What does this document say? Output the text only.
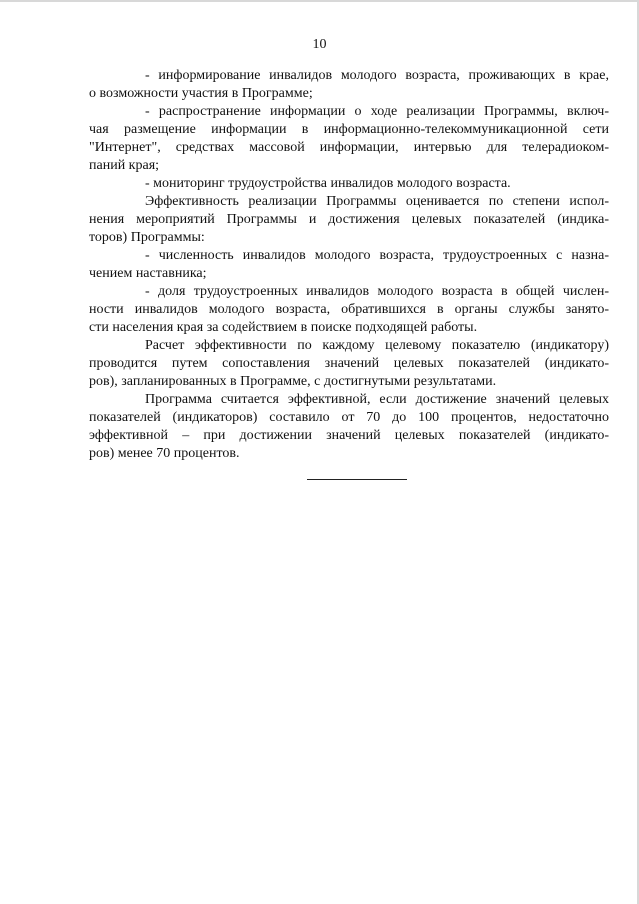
10
- информирование инвалидов молодого возраста, проживающих в крае,
о возможности участия в Программе;
- распространение информации о ходе реализации Программы, включ-
чая размещение информации в информационно-телекоммуникационной сети
"Интернет", средствах массовой информации, интервью для телерадиоком-
паний края;
- мониторинг трудоустройства инвалидов молодого возраста.
Эффективность реализации Программы оценивается по степени испол-
нения мероприятий Программы и достижения целевых показателей (индика-
торов) Программы:
- численность инвалидов молодого возраста, трудоустроенных с назна-
чением наставника;
- доля трудоустроенных инвалидов молодого возраста в общей числен-
ности инвалидов молодого возраста, обратившихся в органы службы занято-
сти населения края за содействием в поиске подходящей работы.
Расчет эффективности по каждому целевому показателю (индикатору)
проводится путем сопоставления значений целевых показателей (индикато-
ров), запланированных в Программе, с достигнутыми результатами.
Программа считается эффективной, если достижение значений целевых
показателей (индикаторов) составило от 70 до 100 процентов, недостаточно
эффективной – при достижении значений целевых показателей (индикато-
ров) менее 70 процентов.
